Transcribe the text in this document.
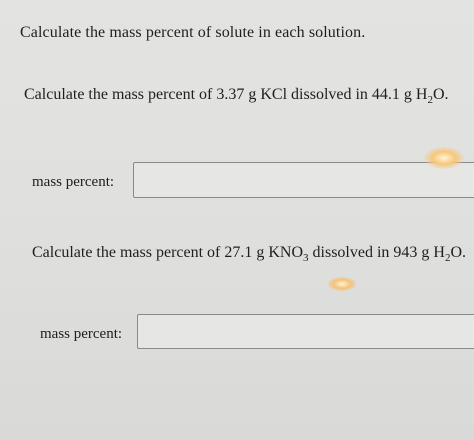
Calculate the mass percent of solute in each solution.
Calculate the mass percent of 3.37 g KCl dissolved in 44.1 g $H_2O$.
mass percent:
Calculate the mass percent of 27.1 g $KNO_3$ dissolved in 943 g $H_2O$.
mass percent:
